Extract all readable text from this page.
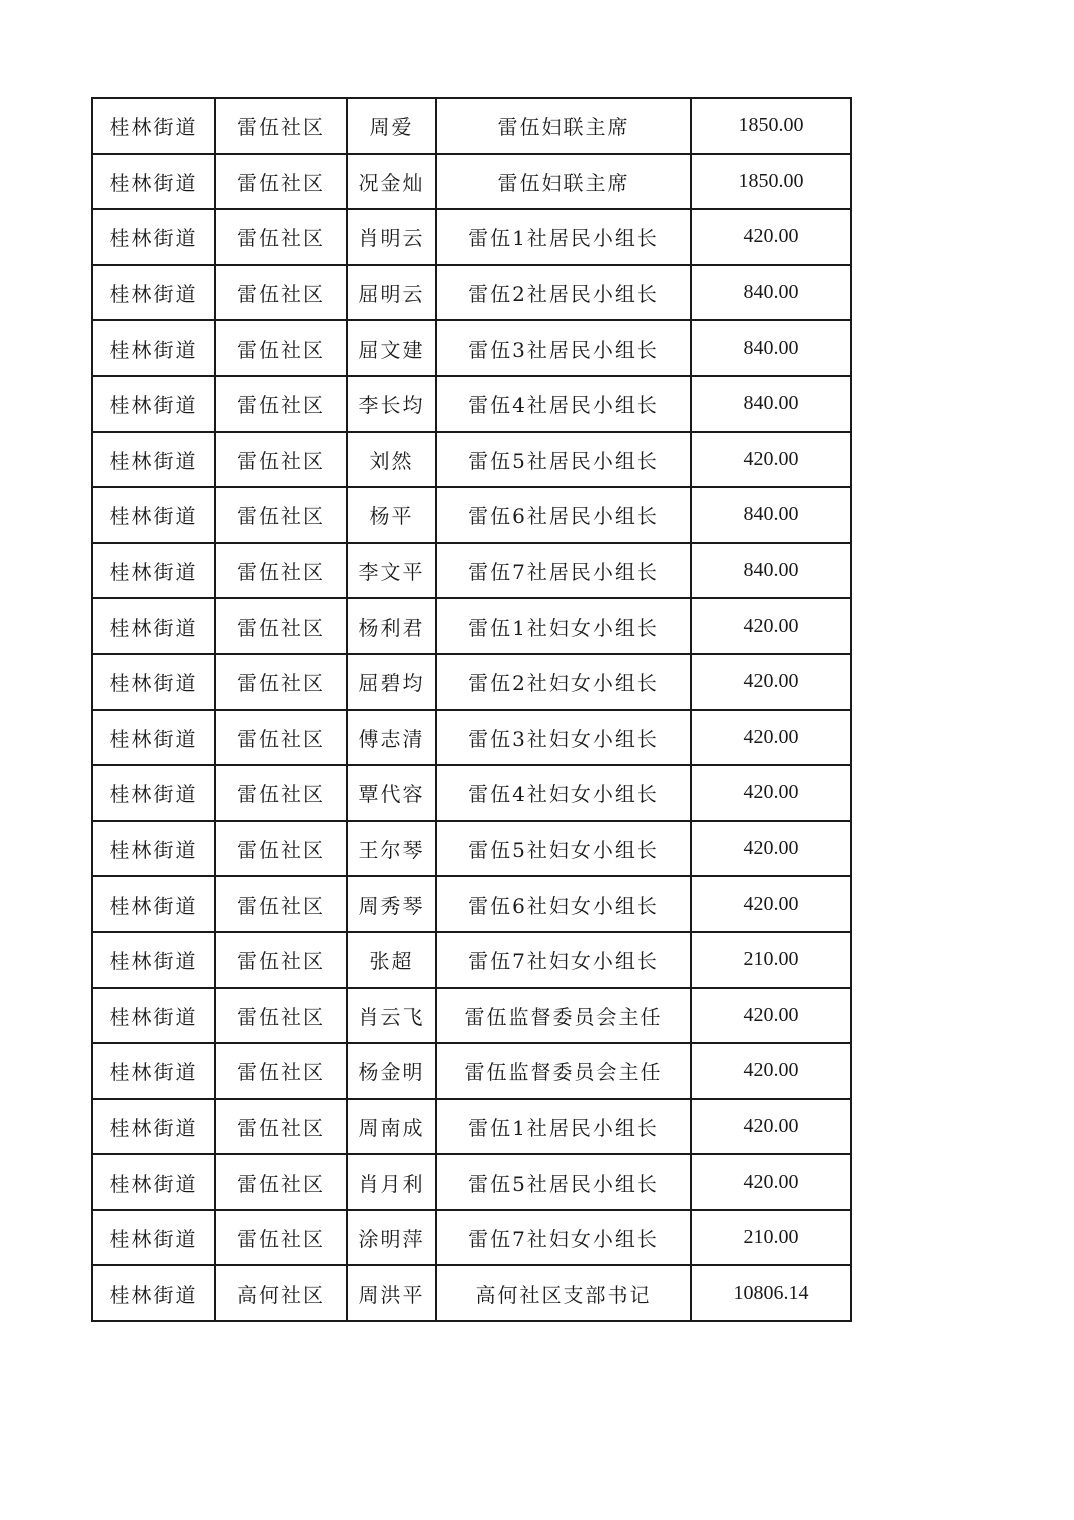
桂林街道	雷伍社区	周爱	雷伍妇联主席	1850.00
桂林街道	雷伍社区	况金灿	雷伍妇联主席	1850.00
桂林街道	雷伍社区	肖明云	雷伍1社居民小组长	420.00
桂林街道	雷伍社区	屈明云	雷伍2社居民小组长	840.00
桂林街道	雷伍社区	屈文建	雷伍3社居民小组长	840.00
桂林街道	雷伍社区	李长均	雷伍4社居民小组长	840.00
桂林街道	雷伍社区	刘然	雷伍5社居民小组长	420.00
桂林街道	雷伍社区	杨平	雷伍6社居民小组长	840.00
桂林街道	雷伍社区	李文平	雷伍7社居民小组长	840.00
桂林街道	雷伍社区	杨利君	雷伍1社妇女小组长	420.00
桂林街道	雷伍社区	屈碧均	雷伍2社妇女小组长	420.00
桂林街道	雷伍社区	傅志清	雷伍3社妇女小组长	420.00
桂林街道	雷伍社区	覃代容	雷伍4社妇女小组长	420.00
桂林街道	雷伍社区	王尔琴	雷伍5社妇女小组长	420.00
桂林街道	雷伍社区	周秀琴	雷伍6社妇女小组长	420.00
桂林街道	雷伍社区	张超	雷伍7社妇女小组长	210.00
桂林街道	雷伍社区	肖云飞	雷伍监督委员会主任	420.00
桂林街道	雷伍社区	杨金明	雷伍监督委员会主任	420.00
桂林街道	雷伍社区	周南成	雷伍1社居民小组长	420.00
桂林街道	雷伍社区	肖月利	雷伍5社居民小组长	420.00
桂林街道	雷伍社区	涂明萍	雷伍7社妇女小组长	210.00
桂林街道	高何社区	周洪平	高何社区支部书记	10806.14
